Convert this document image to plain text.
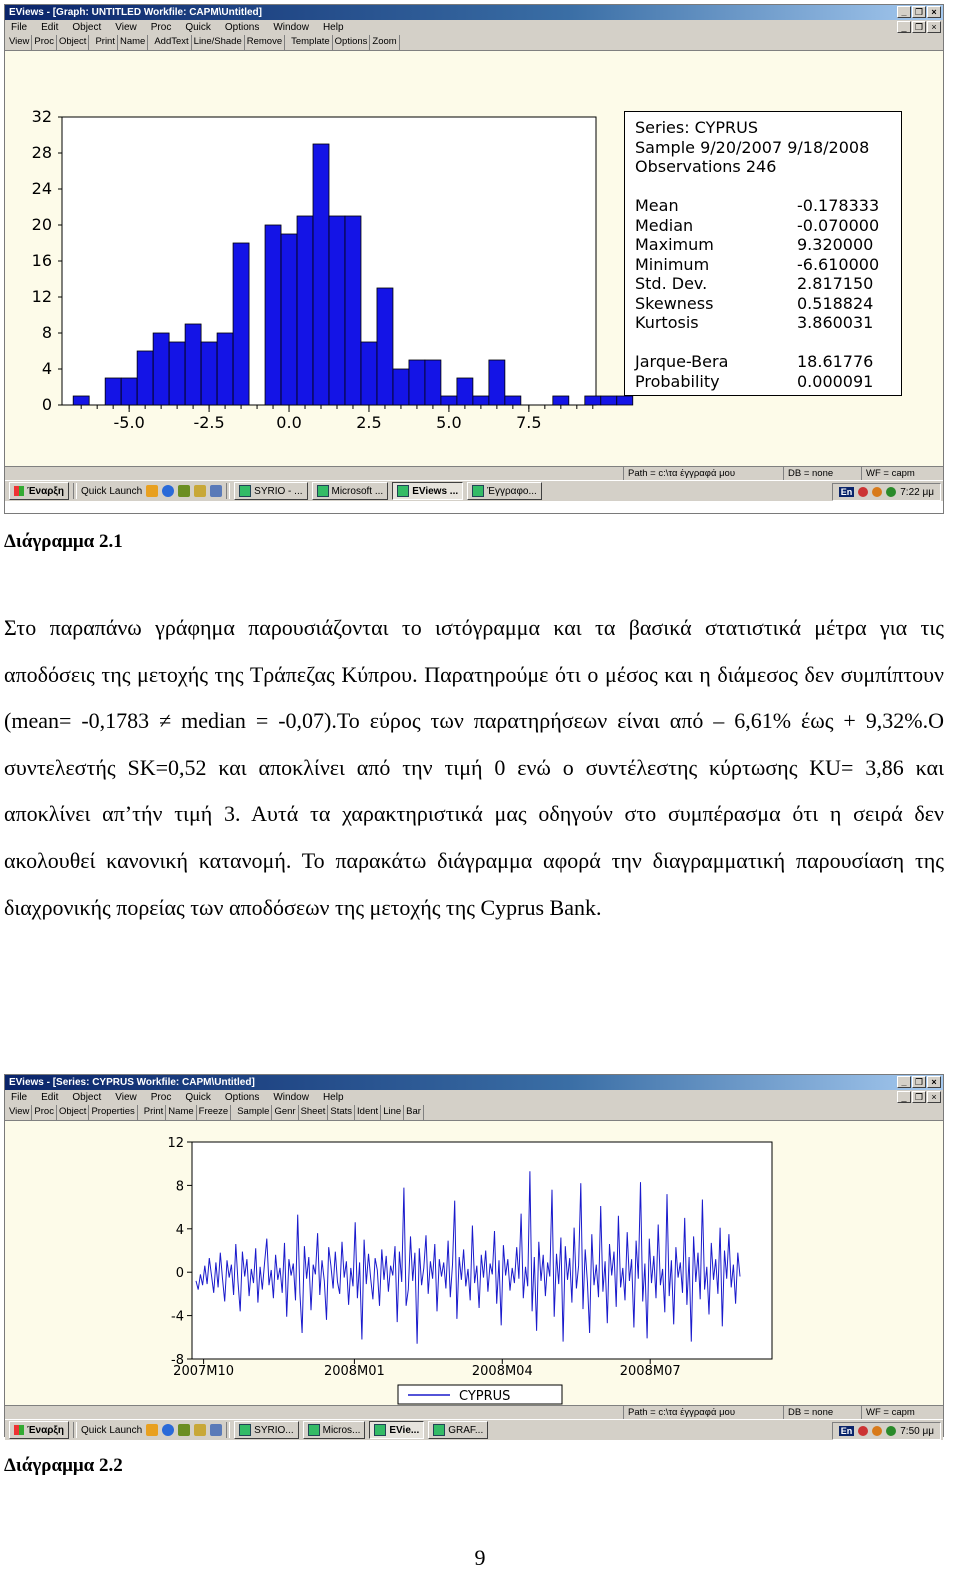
EViews - [Graph: UNTITLED Workfile: CAPM\Untitled]	_ ❐ ×
File Edit Object View Proc Quick Options Window Help	_ ❐ ×
View Proc Object Print Name AddText Line/Shade Remove Template Options Zoom
0
4
8
12
16
20
24
28
32
-5.0	-2.5	0.0	2.5	5.0	7.5
Series: CYPRUS
Sample 9/20/2007 9/18/2008
Observations 246
Mean	-0.178333
Median	-0.070000
Maximum	9.320000
Minimum	-6.610000
Std. Dev.	2.817150
Skewness	0.518824
Kurtosis	3.860031
Jarque-Bera	18.61776
Probability	0.000091
Path = c:\τα έγγραφά μου	DB = none	WF = capm
Έναρξη Quick Launch	SYRIO - ...	Microsoft ...	EViews ...	Έγγραφο...	En	7:22 μμ
Διάγραμμα 2.1

Στο παραπάνω γράφημα παρουσιάζονται το ιστόγραμμα και τα βασικά στατιστικά μέτρα για τις αποδόσεις της μετοχής της Τράπεζας Κύπρου. Παρατηρούμε ότι ο μέσος και η διάμεσος δεν συμπίπτουν (mean= -0,1783 ≠ median = -0,07).Το εύρος των παρατηρήσεων είναι από – 6,61% έως + 9,32%.Ο συντελεστής SK=0,52 και αποκλίνει από την τιμή 0 ενώ ο συντέλεστης κύρτωσης KU= 3,86 και αποκλίνει απ’τήν τιμή 3. Αυτά τα χαρακτηριστικά μας οδηγούν στο συμπέρασμα ότι η σειρά δεν ακολουθεί κανονική κατανομή. Το παρακάτω διάγραμμα αφορά την διαγραμματική παρουσίαση της διαχρονικής πορείας των αποδόσεων της μετοχής της Cyprus Bank.

EViews - [Series: CYPRUS Workfile: CAPM\Untitled]	_ ❐ ×
File Edit Object View Proc Quick Options Window Help	_ ❐ ×
View Proc Object Properties Print Name Freeze Sample Genr Sheet Stats Ident Line Bar
-8
-4
0
4
8
12
2007M10	2008M01	2008M04	2008M07
CYPRUS
Path = c:\τα έγγραφά μου	DB = none	WF = capm
Έναρξη Quick Launch	SYRIO...	Micros...	EVie...	GRAF...	En	7:50 μμ
Διάγραμμα 2.2
9
